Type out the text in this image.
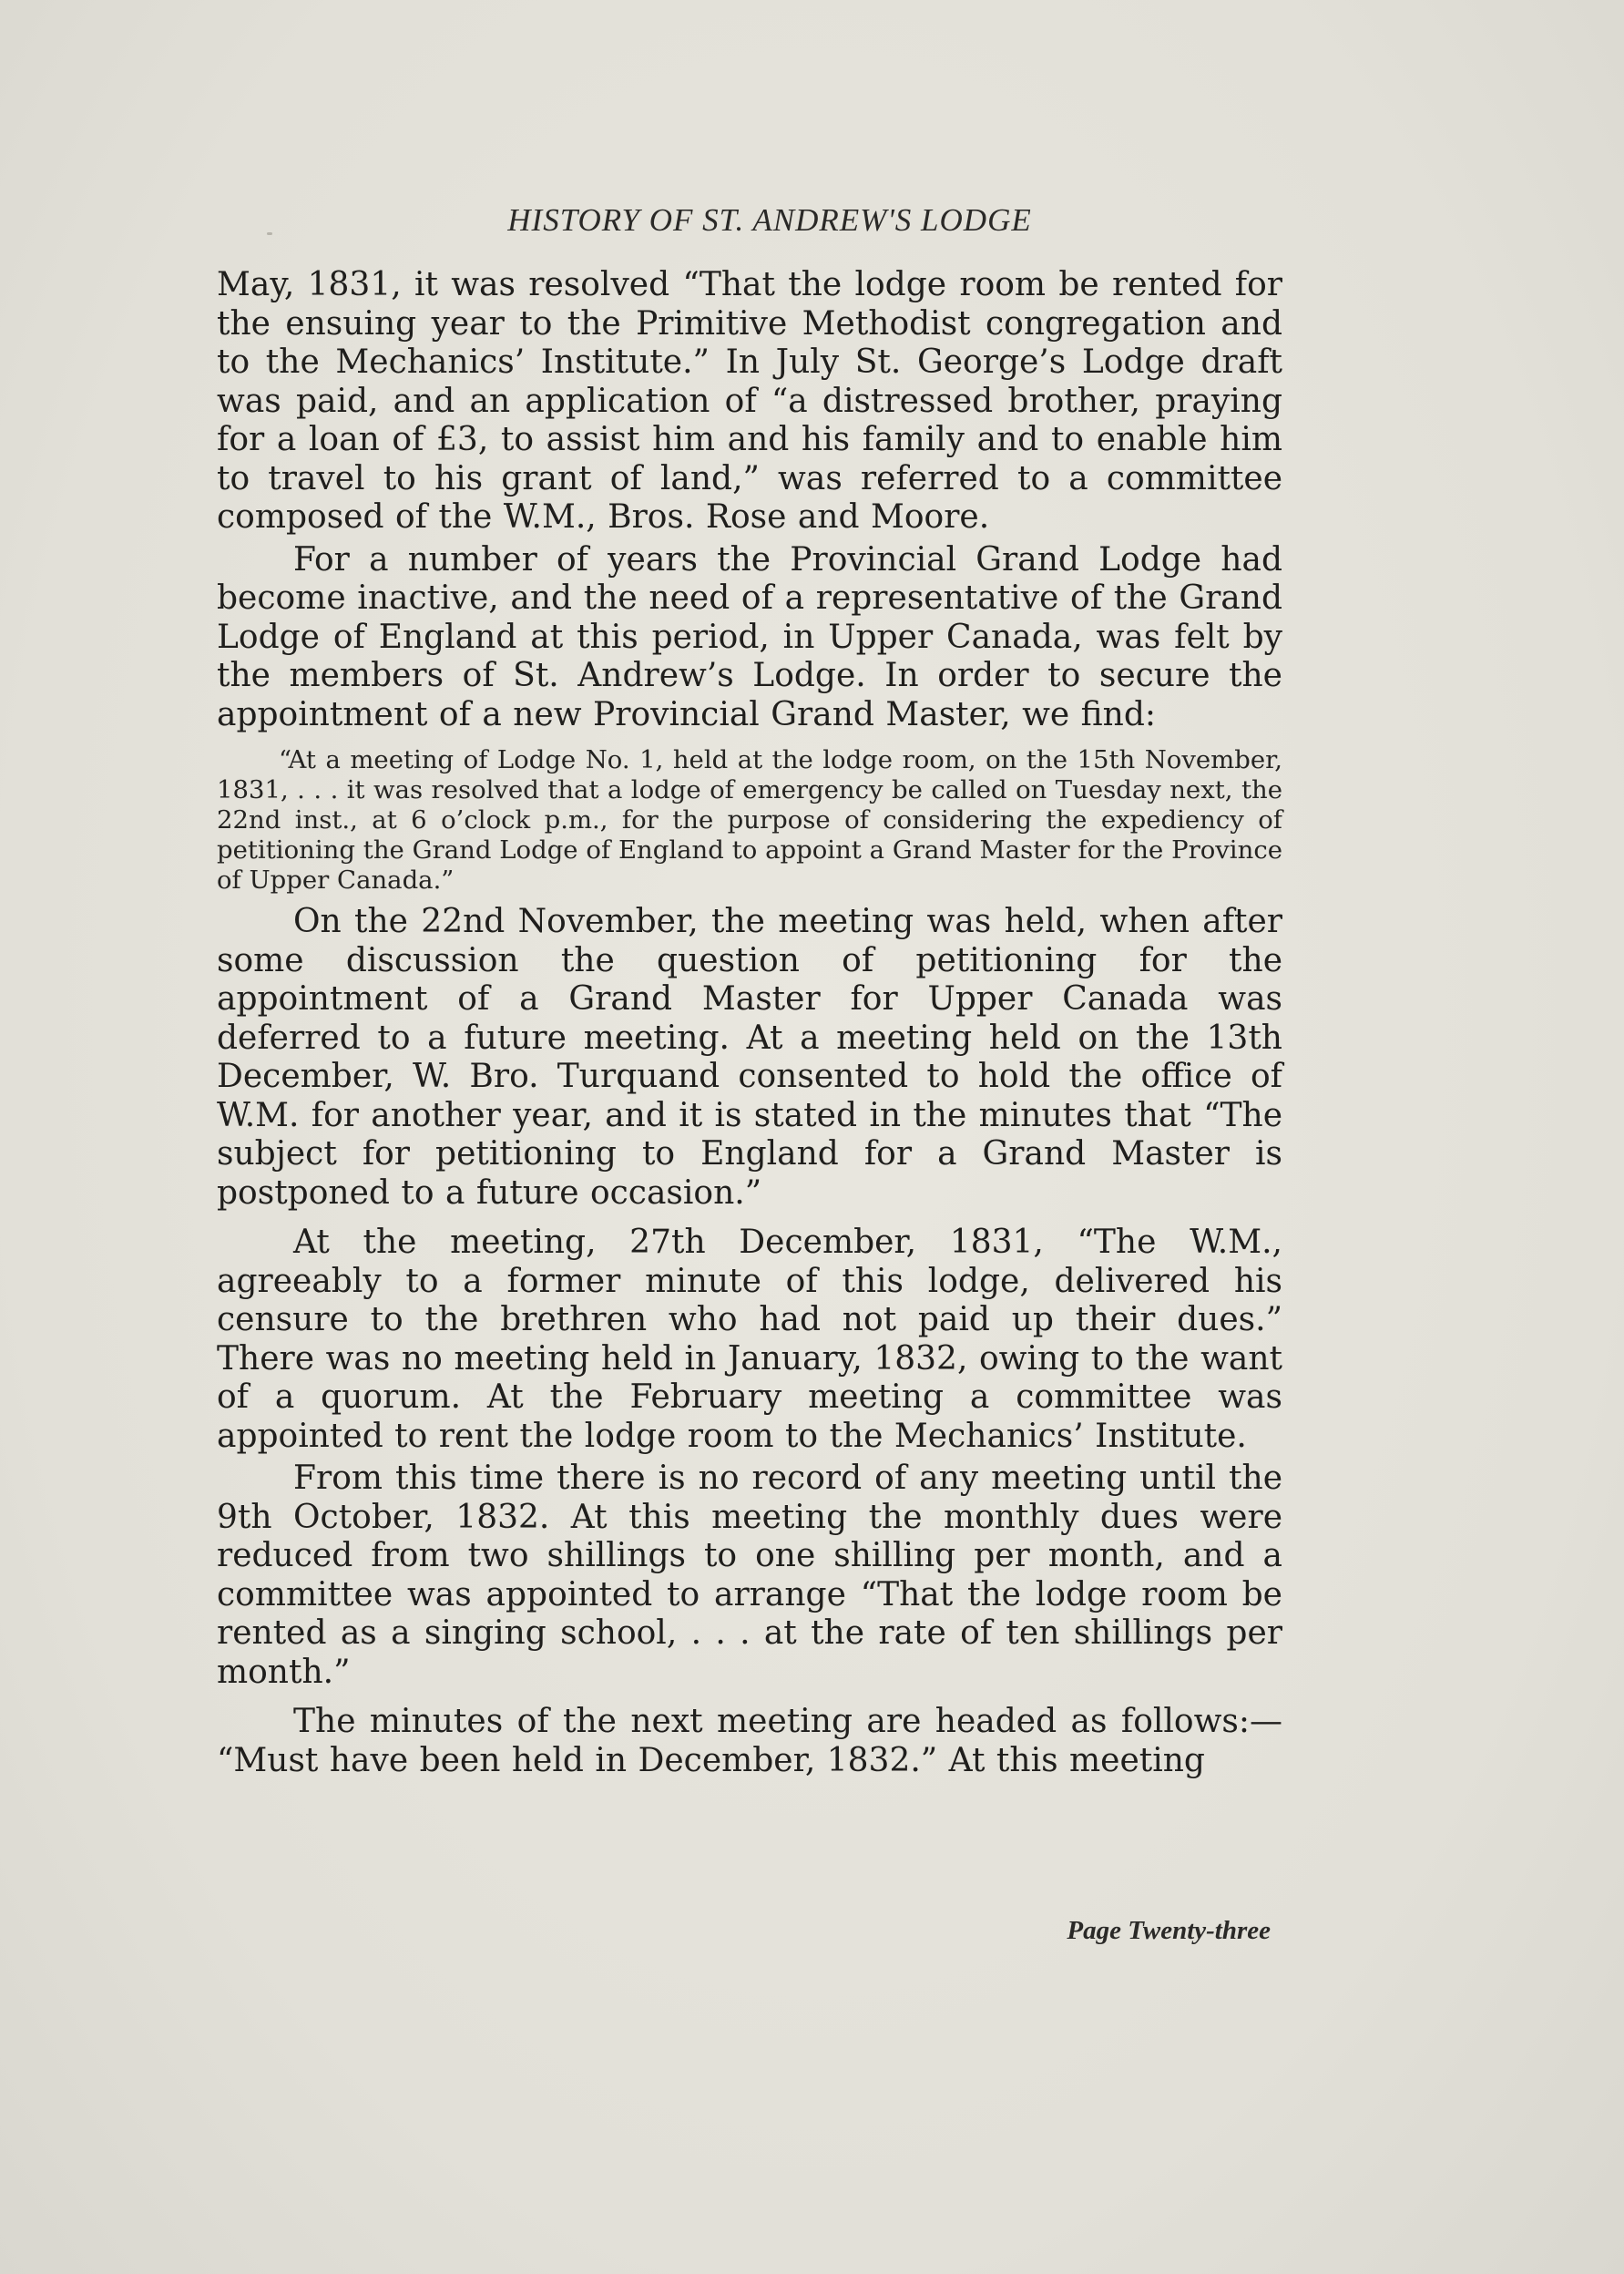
HISTORY OF ST. ANDREW'S LODGE

May, 1831, it was resolved “That the lodge room be rented for the ensuing year to the Primitive Methodist congregation and to the Mechanics’ Institute.” In July St. George’s Lodge draft was paid, and an application of “a distressed brother, praying for a loan of £3, to assist him and his family and to enable him to travel to his grant of land,” was referred to a committee composed of the W.M., Bros. Rose and Moore.

For a number of years the Provincial Grand Lodge had become inactive, and the need of a representative of the Grand Lodge of England at this period, in Upper Canada, was felt by the members of St. Andrew’s Lodge. In order to secure the appointment of a new Provincial Grand Master, we find:

“At a meeting of Lodge No. 1, held at the lodge room, on the 15th November, 1831, . . . it was resolved that a lodge of emergency be called on Tuesday next, the 22nd inst., at 6 o’clock p.m., for the purpose of considering the expediency of petitioning the Grand Lodge of England to appoint a Grand Master for the Province of Upper Canada.”

On the 22nd November, the meeting was held, when after some discussion the question of petitioning for the appointment of a Grand Master for Upper Canada was deferred to a future meeting. At a meeting held on the 13th December, W. Bro. Turquand consented to hold the office of W.M. for another year, and it is stated in the minutes that “The subject for petitioning to England for a Grand Master is postponed to a future occasion.”

At the meeting, 27th December, 1831, “The W.M., agreeably to a former minute of this lodge, delivered his censure to the brethren who had not paid up their dues.” There was no meeting held in January, 1832, owing to the want of a quorum. At the February meeting a committee was appointed to rent the lodge room to the Mechanics’ Institute.

From this time there is no record of any meeting until the 9th October, 1832. At this meeting the monthly dues were reduced from two shillings to one shilling per month, and a committee was appointed to arrange “That the lodge room be rented as a singing school, . . . at the rate of ten shillings per month.”

The minutes of the next meeting are headed as follows:— “Must have been held in December, 1832.” At this meeting

Page Twenty-three
